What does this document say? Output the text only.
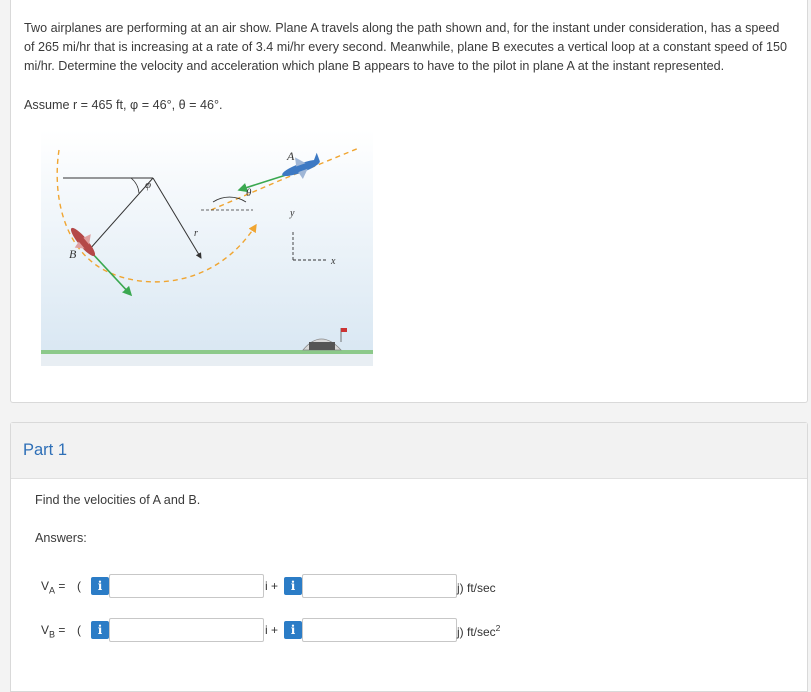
Two airplanes are performing at an air show. Plane A travels along the path shown and, for the instant under consideration, has a speed of 265 mi/hr that is increasing at a rate of 3.4 mi/hr every second. Meanwhile, plane B executes a vertical loop at a constant speed of 150 mi/hr. Determine the velocity and acceleration which plane B appears to have to the pilot in plane A at the instant represented.
Assume r = 465 ft, φ = 46°, θ = 46°.
A
B
φ
θ
r
y
x
Part 1
Find the velocities of A and B.
Answers:
$V_A$ = (	i	i +	i	j) ft/sec
$V_B$ = (	i	i +	i	j) $ft/\sec^2$
